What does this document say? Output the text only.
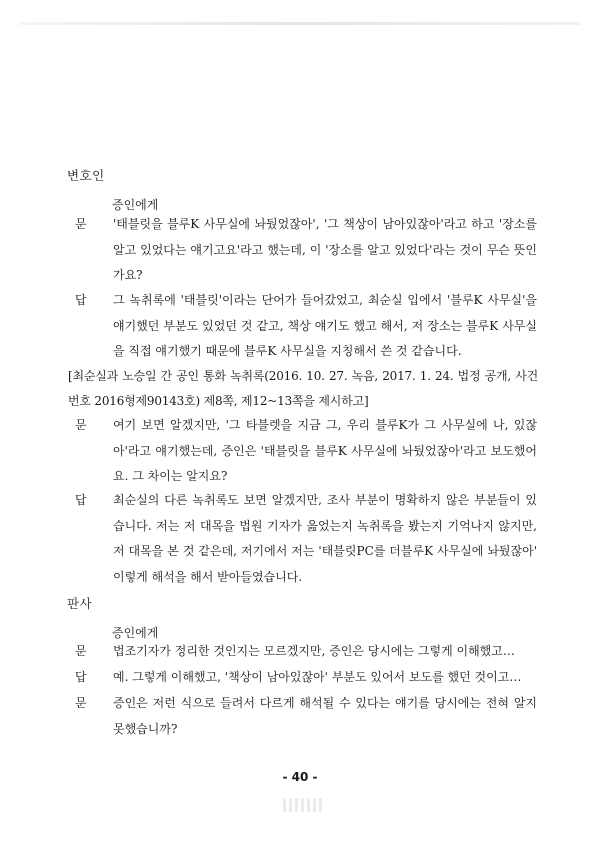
변호인
증인에게
문	'태블릿을 블루K 사무실에 놔뒀었잖아', '그 책상이 남아있잖아'라고 하고 '장소를 알고 있었다는 얘기고요'라고 했는데, 이 '장소를 알고 있었다'라는 것이 무슨 뜻인가요?
답	그 녹취록에 '태블릿'이라는 단어가 들어갔었고, 최순실 입에서 '블루K 사무실'을 얘기했던 부분도 있었던 것 같고, 책상 얘기도 했고 해서, 저 장소는 블루K 사무실을 직접 얘기했기 때문에 블루K 사무실을 지칭해서 쓴 것 같습니다.
[최순실과 노승일 간 공인 통화 녹취록(2016. 10. 27. 녹음, 2017. 1. 24. 법정 공개, 사건번호 2016형제90143호) 제8쪽, 제12~13쪽을 제시하고]
문	여기 보면 알겠지만, '그 타블렛을 지금 그, 우리 블루K가 그 사무실에 나, 있잖아'라고 얘기했는데, 증인은 '태블릿을 블루K 사무실에 놔뒀었잖아'라고 보도했어요. 그 차이는 알지요?
답	최순실의 다른 녹취록도 보면 알겠지만, 조사 부분이 명확하지 않은 부분들이 있습니다. 저는 저 대목을 법원 기자가 읊었는지 녹취록을 봤는지 기억나지 않지만, 저 대목을 본 것 같은데, 저기에서 저는 '태블릿PC를 더블루K 사무실에 놔뒀잖아' 이렇게 해석을 해서 받아들였습니다.
판사
증인에게
문	법조기자가 정리한 것인지는 모르겠지만, 증인은 당시에는 그렇게 이해했고…
답	예. 그렇게 이해했고, '책상이 남아있잖아' 부분도 있어서 보도를 했던 것이고…
문	증인은 저런 식으로 들려서 다르게 해석될 수 있다는 얘기를 당시에는 전혀 알지 못했습니까?
- 40 -
